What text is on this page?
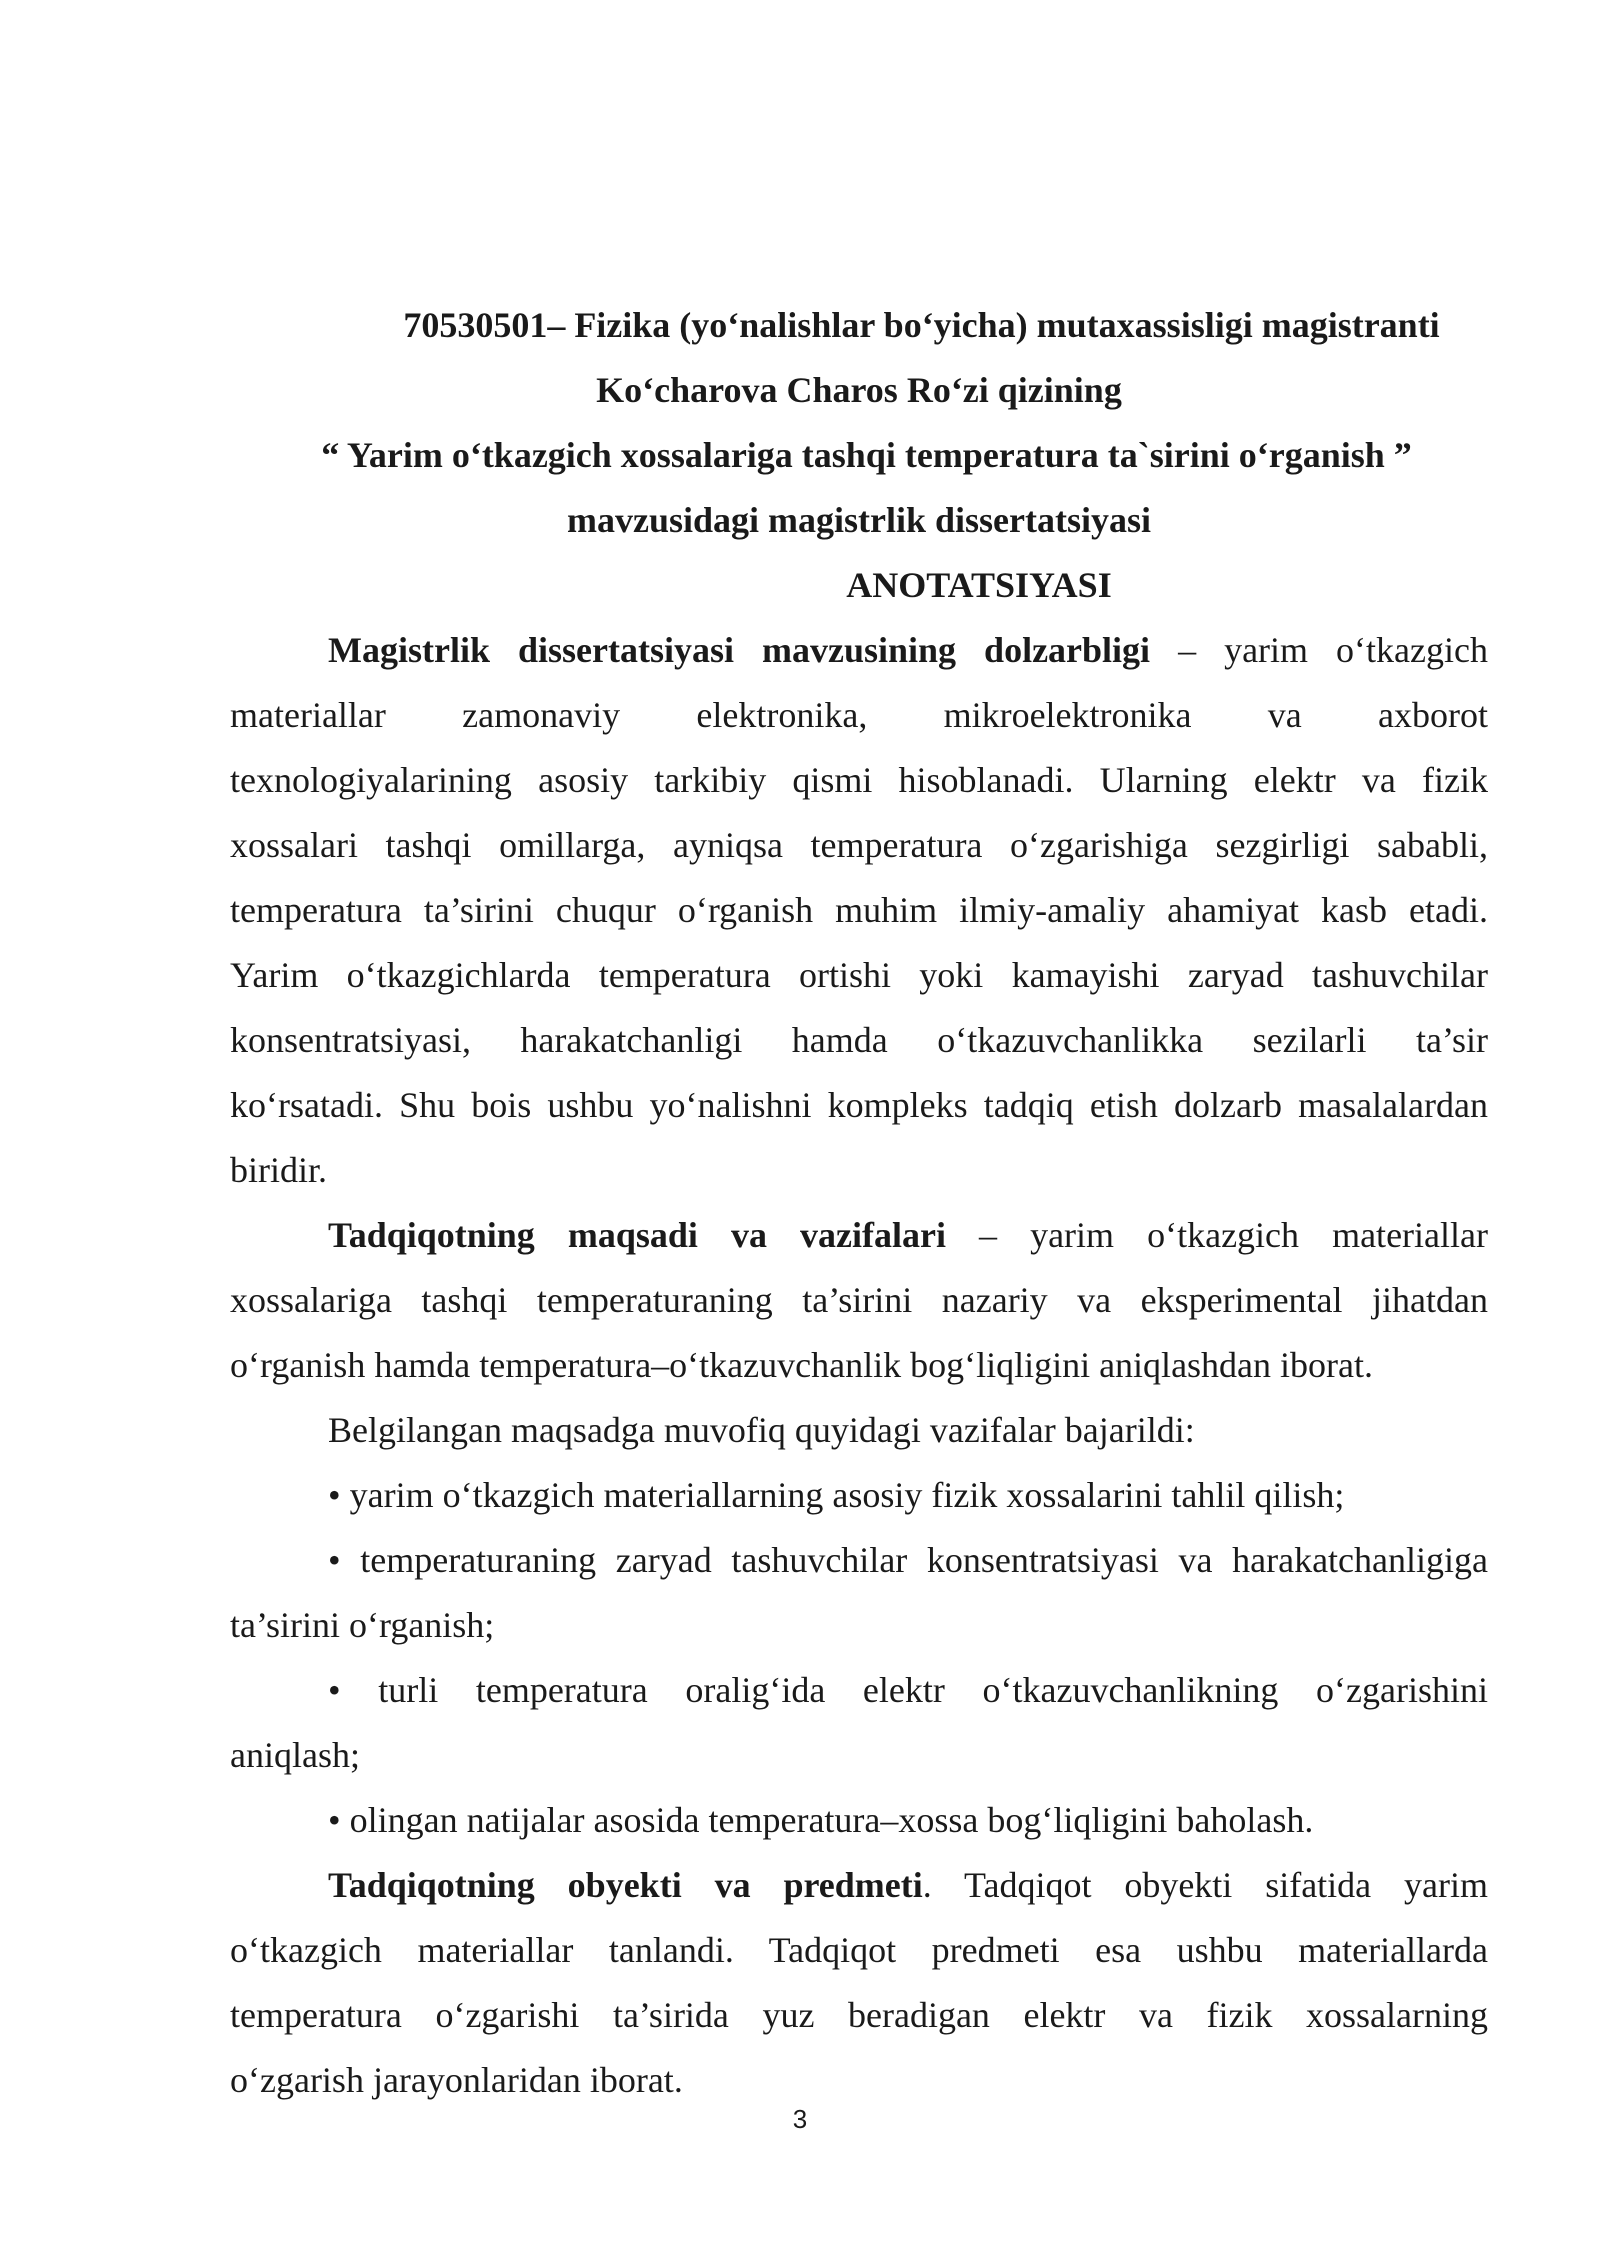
70530501– Fizika (yo‘nalishlar bo‘yicha) mutaxassisligi magistranti
Ko‘charova Charos Ro‘zi qizining
“ Yarim o‘tkazgich xossalariga tashqi temperatura ta`sirini o‘rganish ”
mavzusidagi magistrlik dissertatsiyasi
ANOTATSIYASI
Magistrlik dissertatsiyasi mavzusining dolzarbligi – yarim o‘tkazgich
materiallar zamonaviy elektronika, mikroelektronika va axborot
texnologiyalarining asosiy tarkibiy qismi hisoblanadi. Ularning elektr va fizik
xossalari tashqi omillarga, ayniqsa temperatura o‘zgarishiga sezgirligi sababli,
temperatura ta’sirini chuqur o‘rganish muhim ilmiy-amaliy ahamiyat kasb etadi.
Yarim o‘tkazgichlarda temperatura ortishi yoki kamayishi zaryad tashuvchilar
konsentratsiyasi, harakatchanligi hamda o‘tkazuvchanlikka sezilarli ta’sir
ko‘rsatadi. Shu bois ushbu yo‘nalishni kompleks tadqiq etish dolzarb masalalardan
biridir.
Tadqiqotning maqsadi va vazifalari – yarim o‘tkazgich materiallar
xossalariga tashqi temperaturaning ta’sirini nazariy va eksperimental jihatdan
o‘rganish hamda temperatura–o‘tkazuvchanlik bog‘liqligini aniqlashdan iborat.
Belgilangan maqsadga muvofiq quyidagi vazifalar bajarildi:
• yarim o‘tkazgich materiallarning asosiy fizik xossalarini tahlil qilish;
• temperaturaning zaryad tashuvchilar konsentratsiyasi va harakatchanligiga
ta’sirini o‘rganish;
• turli temperatura oralig‘ida elektr o‘tkazuvchanlikning o‘zgarishini
aniqlash;
• olingan natijalar asosida temperatura–xossa bog‘liqligini baholash.
Tadqiqotning obyekti va predmeti. Tadqiqot obyekti sifatida yarim
o‘tkazgich materiallar tanlandi. Tadqiqot predmeti esa ushbu materiallarda
temperatura o‘zgarishi ta’sirida yuz beradigan elektr va fizik xossalarning
o‘zgarish jarayonlaridan iborat.
3
